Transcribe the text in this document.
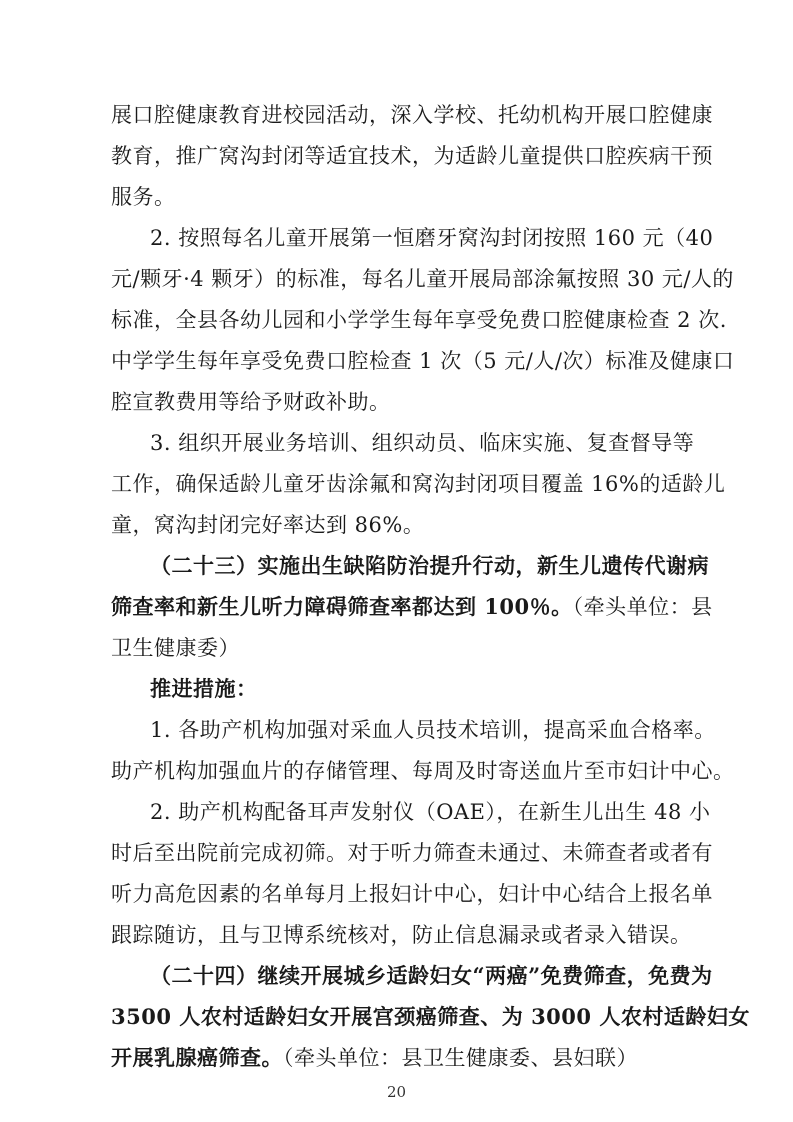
展口腔健康教育进校园活动，深入学校、托幼机构开展口腔健康
教育，推广窝沟封闭等适宜技术，为适龄儿童提供口腔疾病干预
服务。
2. 按照每名儿童开展第一恒磨牙窝沟封闭按照 160 元（40
元/颗牙·4 颗牙）的标准，每名儿童开展局部涂氟按照 30 元/人的
标准，全县各幼儿园和小学学生每年享受免费口腔健康检查 2 次.
中学学生每年享受免费口腔检查 1 次（5 元/人/次）标准及健康口
腔宣教费用等给予财政补助。
3. 组织开展业务培训、组织动员、临床实施、复查督导等
工作，确保适龄儿童牙齿涂氟和窝沟封闭项目覆盖 16%的适龄儿
童，窝沟封闭完好率达到 86%。
（二十三）实施出生缺陷防治提升行动，新生儿遗传代谢病
筛查率和新生儿听力障碍筛查率都达到 100％。（牵头单位：县
卫生健康委）
推进措施：
1. 各助产机构加强对采血人员技术培训，提高采血合格率。
助产机构加强血片的存储管理、每周及时寄送血片至市妇计中心。
2. 助产机构配备耳声发射仪（OAE），在新生儿出生 48 小
时后至出院前完成初筛。对于听力筛查未通过、未筛查者或者有
听力高危因素的名单每月上报妇计中心，妇计中心结合上报名单
跟踪随访，且与卫博系统核对，防止信息漏录或者录入错误。
（二十四）继续开展城乡适龄妇女“两癌”免费筛查，免费为
3500 人农村适龄妇女开展宫颈癌筛查、为 3000 人农村适龄妇女
开展乳腺癌筛查。（牵头单位：县卫生健康委、县妇联）
20
